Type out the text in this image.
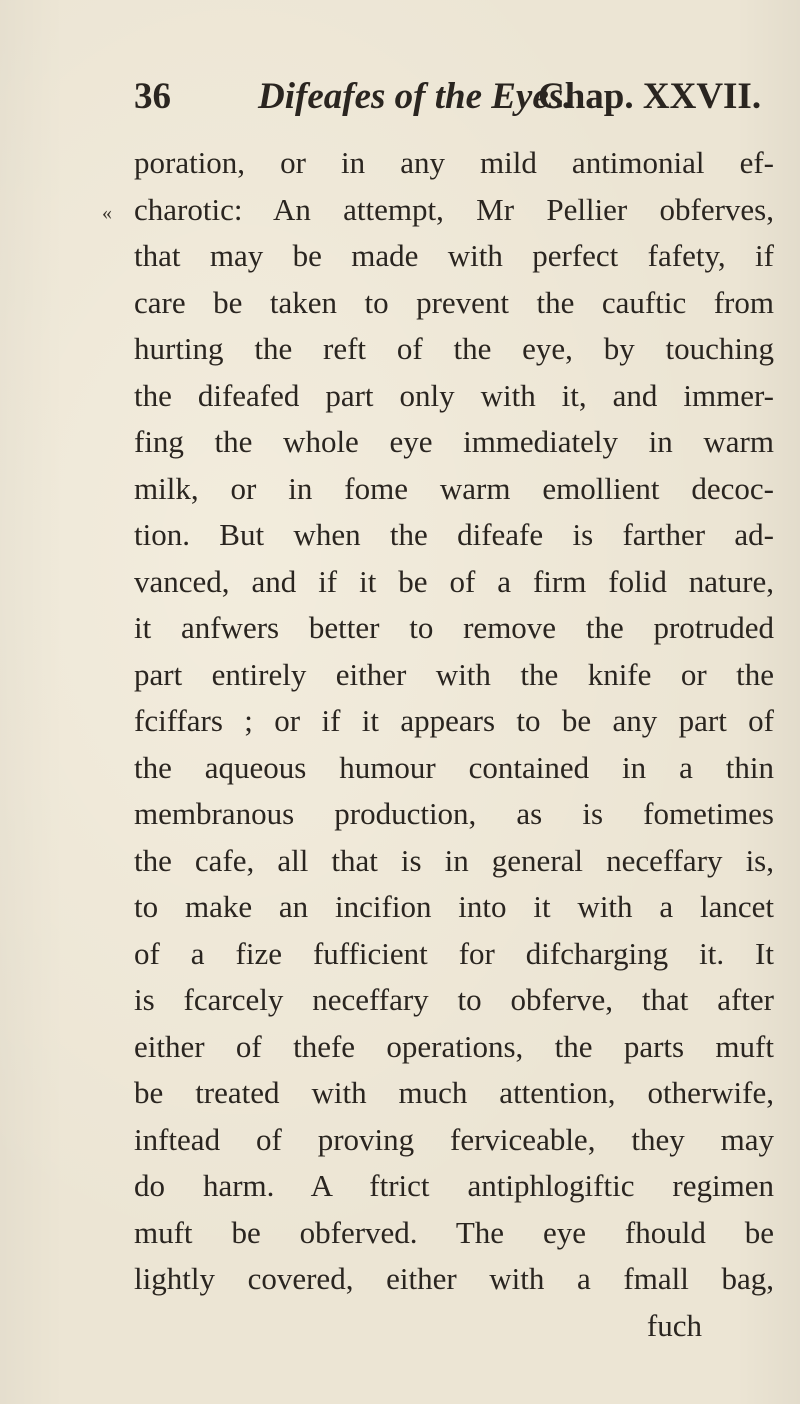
36 Difeafes of the Eyes.
Chap. XXVII.
«
poration, or in any mild antimonial ef-
charotic: An attempt, Mr Pellier obferves,
that may be made with perfect fafety, if
care be taken to prevent the cauftic from
hurting the reft of the eye, by touching
the difeafed part only with it, and immer-
fing the whole eye immediately in warm
milk, or in fome warm emollient decoc-
tion. But when the difeafe is farther ad-
vanced, and if it be of a firm folid nature,
it anfwers better to remove the protruded
part entirely either with the knife or the
fciffars ; or if it appears to be any part of
the aqueous humour contained in a thin
membranous production, as is fometimes
the cafe, all that is in general neceffary is,
to make an incifion into it with a lancet
of a fize fufficient for difcharging it. It
is fcarcely neceffary to obferve, that after
either of thefe operations, the parts muft
be treated with much attention, otherwife,
inftead of proving ferviceable, they may
do harm. A ftrict antiphlogiftic regimen
muft be obferved. The eye fhould be
lightly covered, either with a fmall bag,
fuch
